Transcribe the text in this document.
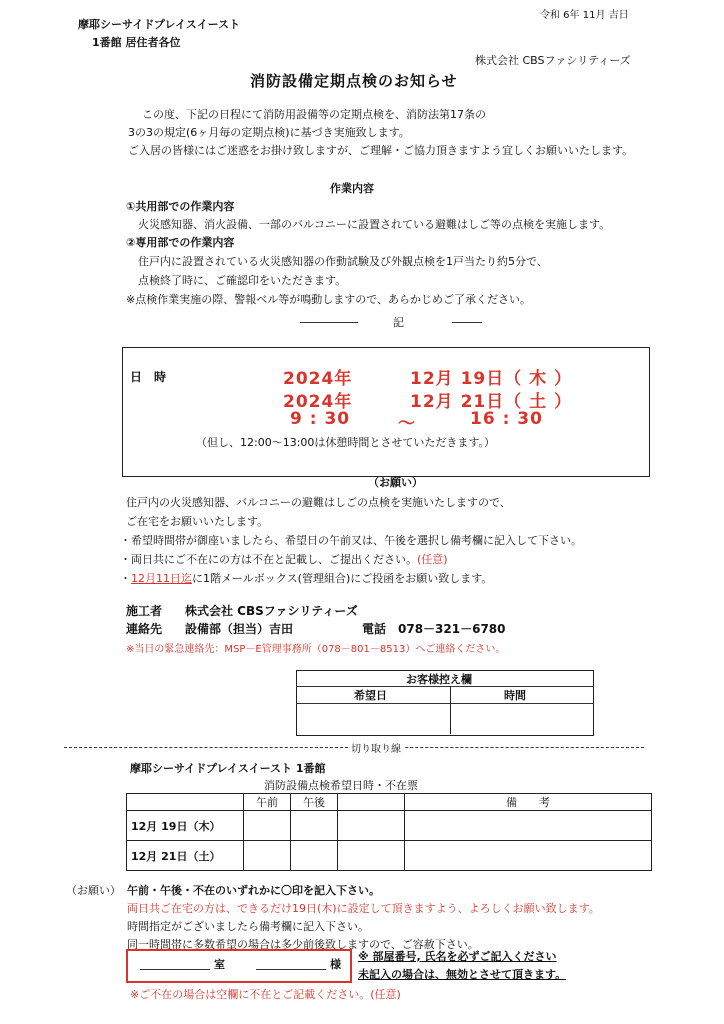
令和 6年 11月 吉日
摩耶シーサイドプレイスイースト
1番館 居住者各位
株式会社 CBSファシリティーズ
消防設備定期点検のお知らせ
この度、下記の日程にて消防用設備等の定期点検を、消防法第17条の
3の3の規定(6ヶ月毎の定期点検)に基づき実施致します。
ご入居の皆様にはご迷惑をお掛け致しますが、ご理解・ご協力頂きますよう宜しくお願いいたします。
作業内容
①共用部での作業内容
火災感知器、消火設備、一部のバルコニーに設置されている避難はしご等の点検を実施します。
②専用部での作業内容
住戸内に設置されている火災感知器の作動試験及び外観点検を1戸当たり約5分で、
点検終了時に、ご確認印をいただきます。
※点検作業実施の際、警報ベル等が鳴動しますので、あらかじめご了承ください。
記
日　時	2024年	12月 19日（ 木 ）
2024年	12月 21日（ 土 ）
9 : 30	～	16 : 30
（但し、12:00～13:00は休憩時間とさせていただきます。）
（お願い）
住戸内の火災感知器、バルコニーの避難はしごの点検を実施いたしますので、
ご在宅をお願いいたします。
・希望時間帯が御座いましたら、希望日の午前又は、午後を選択し備考欄に記入して下さい。
・両日共にご不在にの方は不在と記載し、ご提出ください。(任意)
・12月11日迄に1階メールボックス(管理組合)にご投函をお願い致します。
施工者 株式会社 CBSファシリティーズ
連絡先 設備部（担当）吉田	電話 078－321－6780
※当日の緊急連絡先：MSP－E管理事務所（078－801－8513）へご連絡ください。
お客様控え欄
希望日	時間
切り取り線
摩耶シーサイドプレイスイースト 1番館
消防設備点検希望日時・不在票
	午前	午後		備　　考
12月 19日（木）				
12月 21日（土）				
（お願い） 午前・午後・不在のいずれかに〇印を記入下さい。
両日共ご在宅の方は、できるだけ19日(木)に設定して頂きますよう、よろしくお願い致します。
時間指定がございましたら備考欄に記入下さい。
同一時間帯に多数希望の場合は多少前後致しますので、ご容赦下さい。
室	様
※ 部屋番号, 氏名を必ずご記入ください
未記入の場合は、無効とさせて頂きます。
※ご不在の場合は空欄に不在とご記載ください。(任意)
